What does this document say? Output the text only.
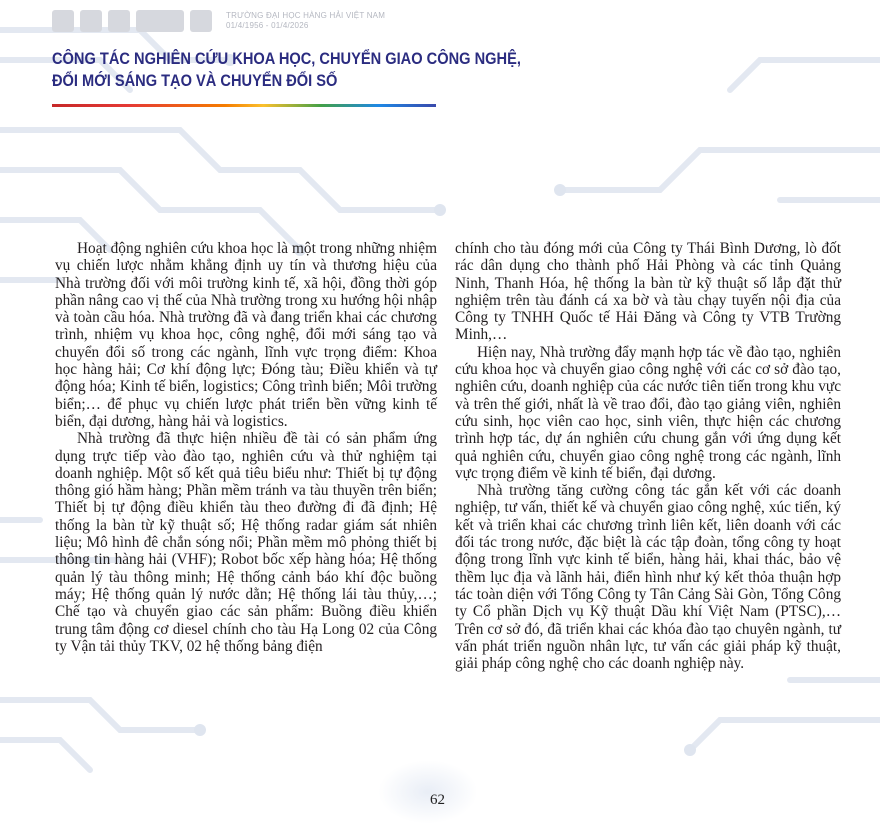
TRƯỜNG ĐẠI HỌC HÀNG HẢI VIỆT NAM
01/4/1956 - 01/4/2026
CÔNG TÁC NGHIÊN CỨU KHOA HỌC, CHUYỂN GIAO CÔNG NGHỆ,
ĐỔI MỚI SÁNG TẠO VÀ CHUYỂN ĐỔI SỐ

Hoạt động nghiên cứu khoa học là một trong những nhiệm vụ chiến lược nhằm khẳng định uy tín và thương hiệu của Nhà trường đối với môi trường kinh tế, xã hội, đồng thời góp phần nâng cao vị thế của Nhà trường trong xu hướng hội nhập và toàn cầu hóa. Nhà trường đã và đang triển khai các chương trình, nhiệm vụ khoa học, công nghệ, đổi mới sáng tạo và chuyển đổi số trong các ngành, lĩnh vực trọng điểm: Khoa học hàng hải; Cơ khí động lực; Đóng tàu; Điều khiển và tự động hóa; Kinh tế biển, logistics; Công trình biển; Môi trường biển;… để phục vụ chiến lược phát triển bền vững kinh tế biển, đại dương, hàng hải và logistics.

Nhà trường đã thực hiện nhiều đề tài có sản phẩm ứng dụng trực tiếp vào đào tạo, nghiên cứu và thử nghiệm tại doanh nghiệp. Một số kết quả tiêu biểu như: Thiết bị tự động thông gió hầm hàng; Phần mềm tránh va tàu thuyền trên biển; Thiết bị tự động điều khiển tàu theo đường đi đã định; Hệ thống la bàn từ kỹ thuật số; Hệ thống radar giám sát nhiên liệu; Mô hình đê chắn sóng nổi; Phần mềm mô phỏng thiết bị thông tin hàng hải (VHF); Robot bốc xếp hàng hóa; Hệ thống quản lý tàu thông minh; Hệ thống cảnh báo khí độc buồng máy; Hệ thống quản lý nước dằn; Hệ thống lái tàu thủy,…; Chế tạo và chuyển giao các sản phẩm: Buồng điều khiển trung tâm động cơ diesel chính cho tàu Hạ Long 02 của Công ty Vận tải thủy TKV, 02 hệ thống bảng điện

chính cho tàu đóng mới của Công ty Thái Bình Dương, lò đốt rác dân dụng cho thành phố Hải Phòng và các tỉnh Quảng Ninh, Thanh Hóa, hệ thống la bàn từ kỹ thuật số lắp đặt thử nghiệm trên tàu đánh cá xa bờ và tàu chạy tuyến nội địa của Công ty TNHH Quốc tế Hải Đăng và Công ty VTB Trường Minh,…

Hiện nay, Nhà trường đẩy mạnh hợp tác về đào tạo, nghiên cứu khoa học và chuyển giao công nghệ với các cơ sở đào tạo, nghiên cứu, doanh nghiệp của các nước tiên tiến trong khu vực và trên thế giới, nhất là về trao đổi, đào tạo giảng viên, nghiên cứu sinh, học viên cao học, sinh viên, thực hiện các chương trình hợp tác, dự án nghiên cứu chung gắn với ứng dụng kết quả nghiên cứu, chuyển giao công nghệ trong các ngành, lĩnh vực trọng điểm về kinh tế biển, đại dương.

Nhà trường tăng cường công tác gắn kết với các doanh nghiệp, tư vấn, thiết kế và chuyển giao công nghệ, xúc tiến, ký kết và triển khai các chương trình liên kết, liên doanh với các đối tác trong nước, đặc biệt là các tập đoàn, tổng công ty hoạt động trong lĩnh vực kinh tế biển, hàng hải, khai thác, bảo vệ thềm lục địa và lãnh hải, điển hình như ký kết thỏa thuận hợp tác toàn diện với Tổng Công ty Tân Cảng Sài Gòn, Tổng Công ty Cổ phần Dịch vụ Kỹ thuật Dầu khí Việt Nam (PTSC),… Trên cơ sở đó, đã triển khai các khóa đào tạo chuyên ngành, tư vấn phát triển nguồn nhân lực, tư vấn các giải pháp kỹ thuật, giải pháp công nghệ cho các doanh nghiệp này.

62
